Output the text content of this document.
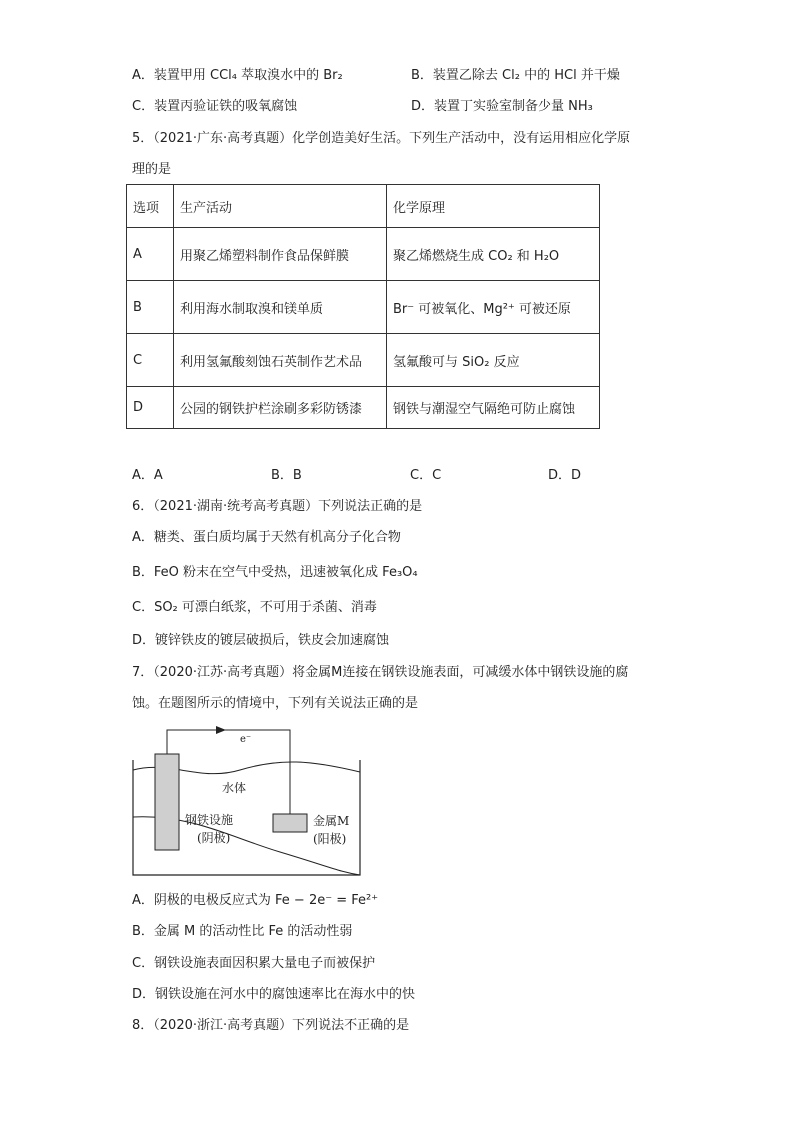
A．装置甲用 CCl₄ 萃取溴水中的 Br₂	B．装置乙除去 Cl₂ 中的 HCl 并干燥
C．装置丙验证铁的吸氧腐蚀	D．装置丁实验室制备少量 NH₃
5．（2021·广东·高考真题）化学创造美好生活。下列生产活动中，没有运用相应化学原
理的是
选项	生产活动	化学原理
A	用聚乙烯塑料制作食品保鲜膜	聚乙烯燃烧生成 CO₂ 和 H₂O
B	利用海水制取溴和镁单质	Br⁻ 可被氧化、Mg²⁺ 可被还原
C	利用氢氟酸刻蚀石英制作艺术品	氢氟酸可与 SiO₂ 反应
D	公园的钢铁护栏涂刷多彩防锈漆	钢铁与潮湿空气隔绝可防止腐蚀
A．A	B．B	C．C	D．D
6．（2021·湖南·统考高考真题）下列说法正确的是
A．糖类、蛋白质均属于天然有机高分子化合物
B．FeO 粉末在空气中受热，迅速被氧化成 Fe₃O₄
C．SO₂ 可漂白纸浆，不可用于杀菌、消毒
D．镀锌铁皮的镀层破损后，铁皮会加速腐蚀
7．（2020·江苏·高考真题）将金属M连接在钢铁设施表面，可减缓水体中钢铁设施的腐
蚀。在题图所示的情境中，下列有关说法正确的是
e⁻
水体
钢铁设施
(阴极)
金属M
(阳极)
A．阴极的电极反应式为 Fe − 2e⁻ = Fe²⁺
B．金属 M 的活动性比 Fe 的活动性弱
C．钢铁设施表面因积累大量电子而被保护
D．钢铁设施在河水中的腐蚀速率比在海水中的快
8．（2020·浙江·高考真题）下列说法不正确的是
